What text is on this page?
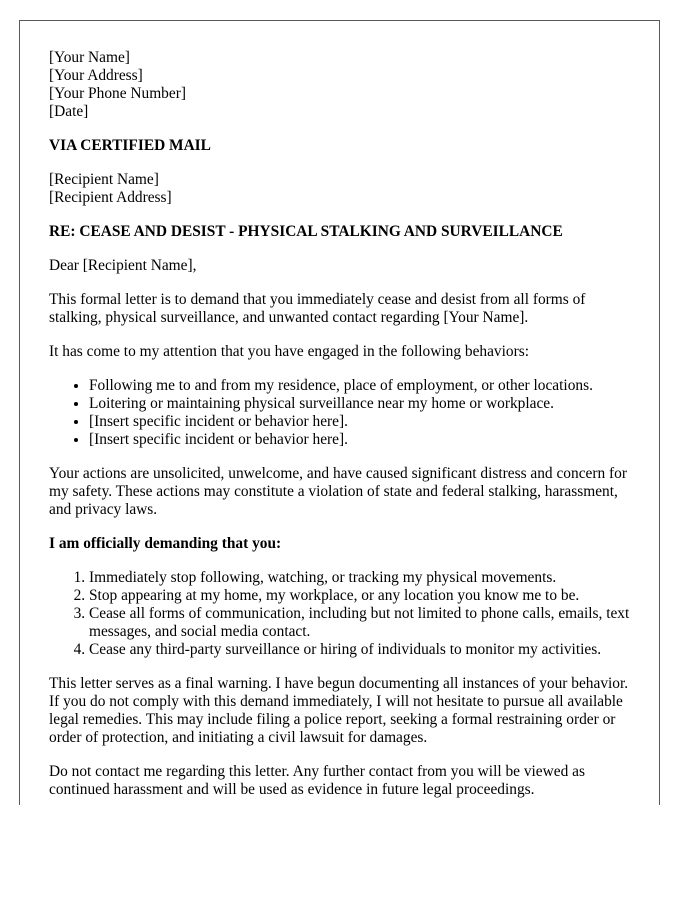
[Your Name]
[Your Address]
[Your Phone Number]
[Date]

VIA CERTIFIED MAIL

[Recipient Name]
[Recipient Address]

RE: CEASE AND DESIST - PHYSICAL STALKING AND SURVEILLANCE

Dear [Recipient Name],

This formal letter is to demand that you immediately cease and desist from all forms of stalking, physical surveillance, and unwanted contact regarding [Your Name].

It has come to my attention that you have engaged in the following behaviors:

• Following me to and from my residence, place of employment, or other locations.
• Loitering or maintaining physical surveillance near my home or workplace.
• [Insert specific incident or behavior here].
• [Insert specific incident or behavior here].

Your actions are unsolicited, unwelcome, and have caused significant distress and concern for my safety. These actions may constitute a violation of state and federal stalking, harassment, and privacy laws.

I am officially demanding that you:

1. Immediately stop following, watching, or tracking my physical movements.
2. Stop appearing at my home, my workplace, or any location you know me to be.
3. Cease all forms of communication, including but not limited to phone calls, emails, text messages, and social media contact.
4. Cease any third-party surveillance or hiring of individuals to monitor my activities.

This letter serves as a final warning. I have begun documenting all instances of your behavior. If you do not comply with this demand immediately, I will not hesitate to pursue all available legal remedies. This may include filing a police report, seeking a formal restraining order or order of protection, and initiating a civil lawsuit for damages.

Do not contact me regarding this letter. Any further contact from you will be viewed as continued harassment and will be used as evidence in future legal proceedings.
